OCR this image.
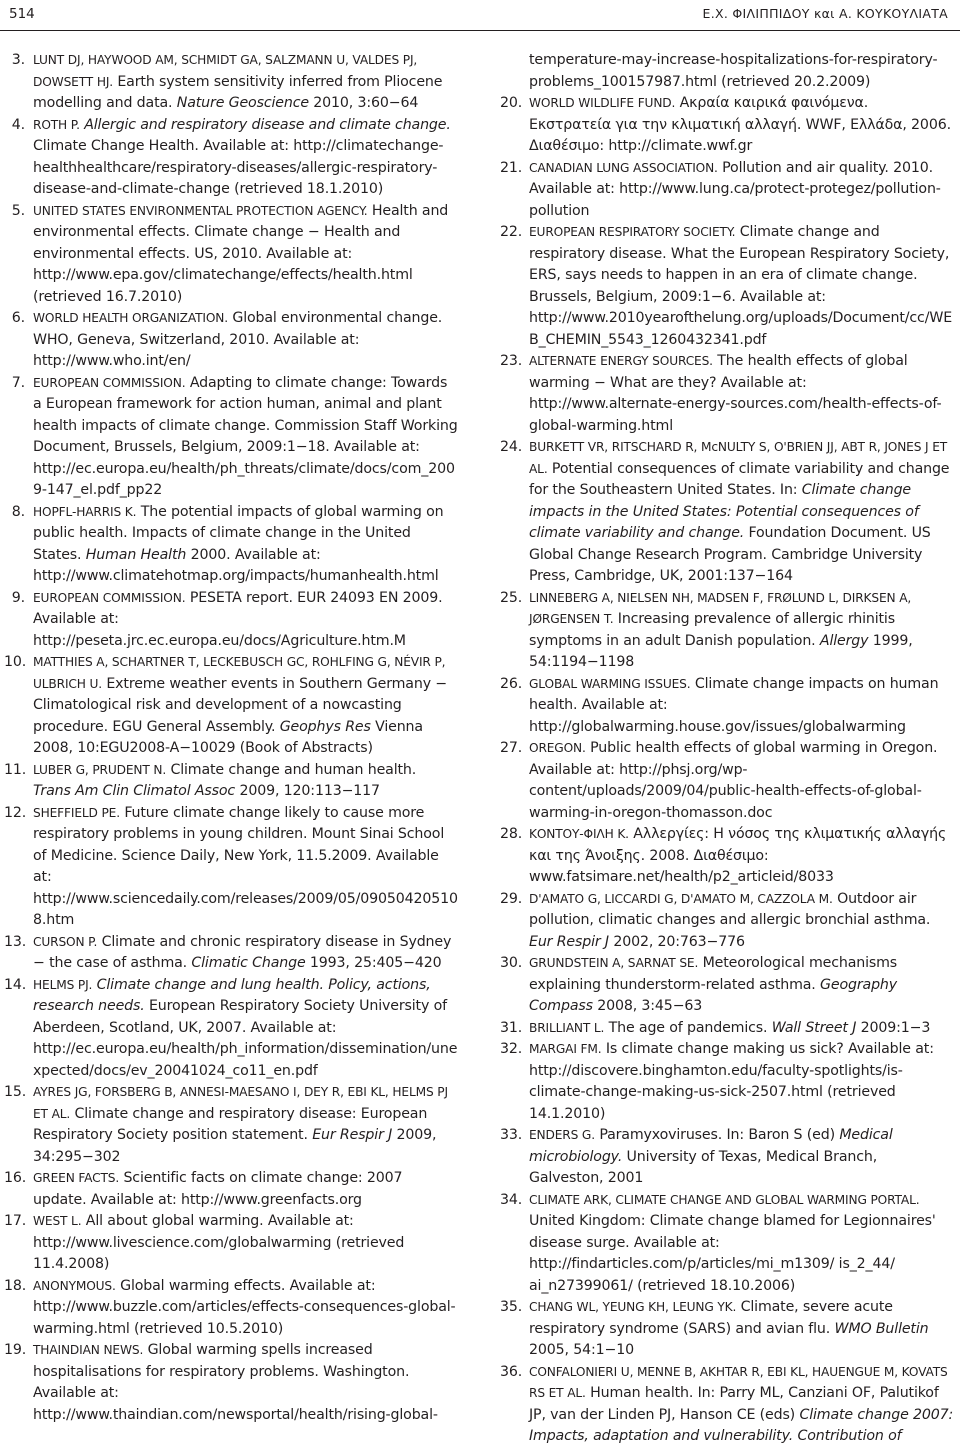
514	Ε.Χ. ΦΙΛΙΠΠΙΔΟΥ και Α. ΚΟΥΚΟΥΛΙΑΤΑ
3. LUNT DJ, HAYWOOD AM, SCHMIDT GA, SALZMANN U, VALDES PJ, DOWSETT HJ. Earth system sensitivity inferred from Pliocene modelling and data. Nature Geoscience 2010, 3:60−64
4. ROTH P. Allergic and respiratory disease and climate change. Climate Change Health. Available at: http://climatechange-healthhealthcare/respiratory-diseases/allergic-respiratory-disease-and-climate-change (retrieved 18.1.2010)
5. UNITED STATES ENVIRONMENTAL PROTECTION AGENCY. Health and environmental effects. Climate change − Health and environmental effects. US, 2010. Available at: http://www.epa.gov/climatechange/effects/health.html (retrieved 16.7.2010)
6. WORLD HEALTH ORGANIZATION. Global environmental change. WHO, Geneva, Switzerland, 2010. Available at: http://www.who.int/en/
7. EUROPEAN COMMISSION. Adapting to climate change: Towards a European framework for action human, animal and plant health impacts of climate change. Commission Staff Working Document, Brussels, Belgium, 2009:1−18. Available at: http://ec.europa.eu/health/ph_threats/climate/docs/com_2009-147_el.pdf_pp22
8. HOPFL-HARRIS K. The potential impacts of global warming on public health. Impacts of climate change in the United States. Human Health 2000. Available at: http://www.climatehotmap.org/impacts/humanhealth.html
9. EUROPEAN COMMISSION. PESETA report. EUR 24093 EN 2009. Available at: http://peseta.jrc.ec.europa.eu/docs/Agriculture.htm.M
10. MATTHIES A, SCHARTNER T, LECKEBUSCH GC, ROHLFING G, NÉVIR P, ULBRICH U. Extreme weather events in Southern Germany − Climatological risk and development of a nowcasting procedure. EGU General Assembly. Geophys Res Vienna 2008, 10:EGU2008-A−10029 (Book of Abstracts)
11. LUBER G, PRUDENT N. Climate change and human health. Trans Am Clin Climatol Assoc 2009, 120:113−117
12. SHEFFIELD PE. Future climate change likely to cause more respiratory problems in young children. Mount Sinai School of Medicine. Science Daily, New York, 11.5.2009. Available at: http://www.sciencedaily.com/releases/2009/05/090504205108.htm
13. CURSON P. Climate and chronic respiratory disease in Sydney − the case of asthma. Climatic Change 1993, 25:405−420
14. HELMS PJ. Climate change and lung health. Policy, actions, research needs. European Respiratory Society University of Aberdeen, Scotland, UK, 2007. Available at: http://ec.europa.eu/health/ph_information/dissemination/unexpected/docs/ev_20041024_co11_en.pdf
15. AYRES JG, FORSBERG B, ANNESI-MAESANO I, DEY R, EBI KL, HELMS PJ ET AL. Climate change and respiratory disease: European Respiratory Society position statement. Eur Respir J 2009, 34:295−302
16. GREEN FACTS. Scientific facts on climate change: 2007 update. Available at: http://www.greenfacts.org
17. WEST L. All about global warming. Available at: http://www.livescience.com/globalwarming (retrieved 11.4.2008)
18. ANONYMOUS. Global warming effects. Available at: http://www.buzzle.com/articles/effects-consequences-global-warming.html (retrieved 10.5.2010)
19. THAINDIAN NEWS. Global warming spells increased hospitalisations for respiratory problems. Washington. Available at: http://www.thaindian.com/newsportal/health/rising-global-
temperature-may-increase-hospitalizations-for-respiratory-problems_100157987.html (retrieved 20.2.2009)
20. WORLD WILDLIFE FUND. Ακραία καιρικά φαινόμενα. Εκστρατεία για την κλιματική αλλαγή. WWF, Ελλάδα, 2006. Διαθέσιμο: http://climate.wwf.gr
21. CANADIAN LUNG ASSOCIATION. Pollution and air quality. 2010. Available at: http://www.lung.ca/protect-protegez/pollution-pollution
22. EUROPEAN RESPIRATORY SOCIETY. Climate change and respiratory disease. What the European Respiratory Society, ERS, says needs to happen in an era of climate change. Brussels, Belgium, 2009:1−6. Available at: http://www.2010yearofthelung.org/uploads/Document/cc/WEB_CHEMIN_5543_1260432341.pdf
23. ALTERNATE ENERGY SOURCES. The health effects of global warming − What are they? Available at: http://www.alternate-energy-sources.com/health-effects-of-global-warming.html
24. BURKETT VR, RITSCHARD R, McNULTY S, O'BRIEN JJ, ABT R, JONES J ET AL. Potential consequences of climate variability and change for the Southeastern United States. In: Climate change impacts in the United States: Potential consequences of climate variability and change. Foundation Document. US Global Change Research Program. Cambridge University Press, Cambridge, UK, 2001:137−164
25. LINNEBERG A, NIELSEN NH, MADSEN F, FRØLUND L, DIRKSEN A, JØRGENSEN T. Increasing prevalence of allergic rhinitis symptoms in an adult Danish population. Allergy 1999, 54:1194−1198
26. GLOBAL WARMING ISSUES. Climate change impacts on human health. Available at: http://globalwarming.house.gov/issues/globalwarming
27. OREGON. Public health effects of global warming in Oregon. Available at: http://phsj.org/wp-content/uploads/2009/04/public-health-effects-of-global-warming-in-oregon-thomasson.doc
28. ΚΟΝΤΟΥ-ΦΙΛΗ Κ. Αλλεργίες: Η νόσος της κλιματικής αλλαγής και της Άνοιξης. 2008. Διαθέσιμο: www.fatsimare.net/health/p2_articleid/8033
29. D'AMATO G, LICCARDI G, D'AMATO M, CAZZOLA M. Outdoor air pollution, climatic changes and allergic bronchial asthma. Eur Respir J 2002, 20:763−776
30. GRUNDSTEIN A, SARNAT SE. Meteorological mechanisms explaining thunderstorm-related asthma. Geography Compass 2008, 3:45−63
31. BRILLIANT L. The age of pandemics. Wall Street J 2009:1−3
32. MARGAI FM. Is climate change making us sick? Available at: http://discovere.binghamton.edu/faculty-spotlights/is-climate-change-making-us-sick-2507.html (retrieved 14.1.2010)
33. ENDERS G. Paramyxoviruses. In: Baron S (ed) Medical microbiology. University of Texas, Medical Branch, Galveston, 2001
34. CLIMATE ARK, CLIMATE CHANGE AND GLOBAL WARMING PORTAL. United Kingdom: Climate change blamed for Legionnaires' disease surge. Available at: http://findarticles.com/p/articles/mi_m1309/ is_2_44/ ai_n27399061/ (retrieved 18.10.2006)
35. CHANG WL, YEUNG KH, LEUNG YK. Climate, severe acute respiratory syndrome (SARS) and avian flu. WMO Bulletin 2005, 54:1−10
36. CONFALONIERI U, MENNE B, AKHTAR R, EBI KL, HAUENGUE M, KOVATS RS ET AL. Human health. In: Parry ML, Canziani OF, Palutikof JP, van der Linden PJ, Hanson CE (eds) Climate change 2007: Impacts, adaptation and vulnerability. Contribution of
